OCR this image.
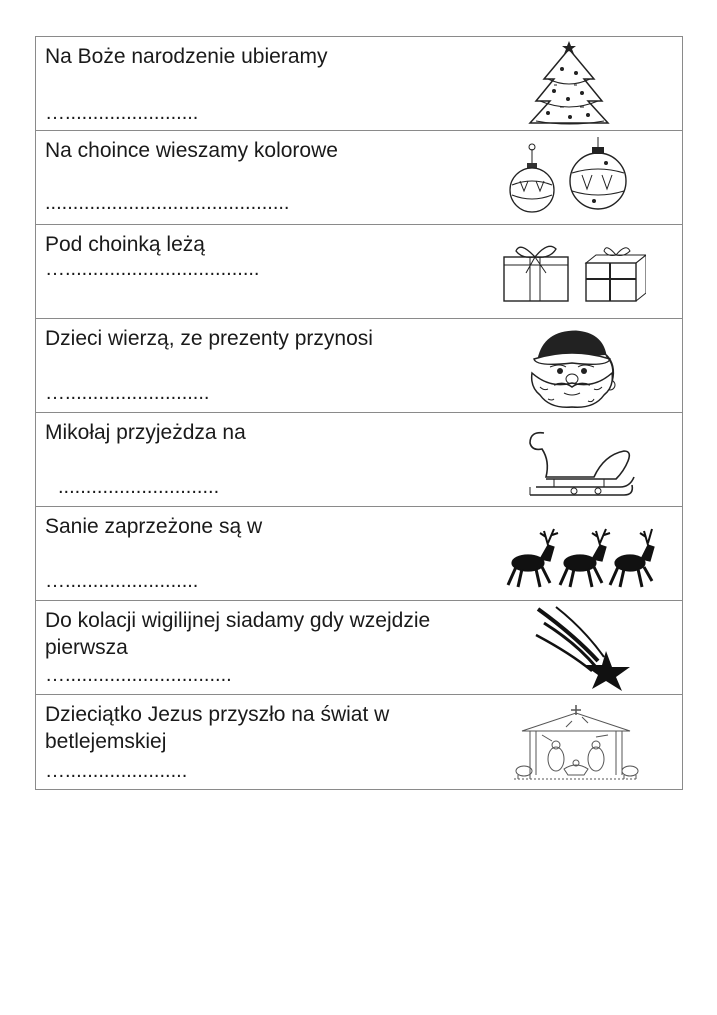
Na Boże narodzenie ubieramy
…........................
Na choince wieszamy kolorowe
............................................
Pod choinką leżą
…...................................
Dzieci wierzą, ze prezenty przynosi
…..........................
Mikołaj przyjeżdza na
.............................
Sanie zaprzeżone są w
…........................
Do kolacji wigilijnej siadamy gdy wzejdzie
pierwsza
…..............................
Dzieciątko Jezus przyszło na świat w
betlejemskiej
…......................
